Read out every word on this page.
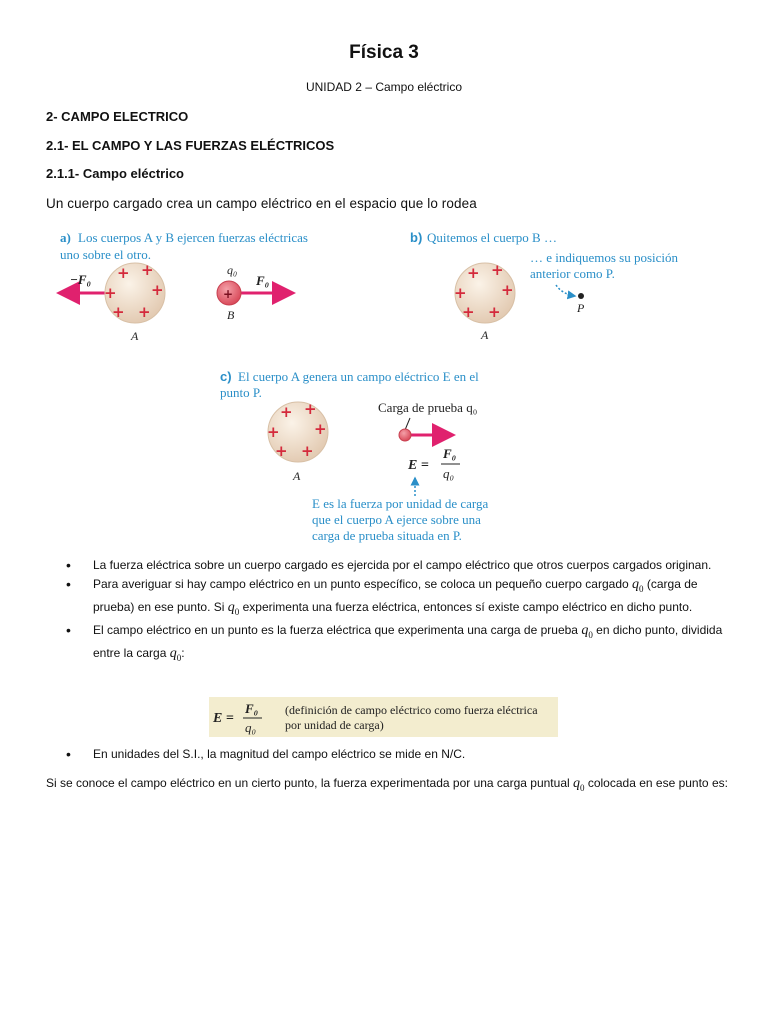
Física 3
UNIDAD 2 – Campo eléctrico
2- CAMPO ELECTRICO
2.1- EL CAMPO Y LAS FUERZAS ELÉCTRICOS
2.1.1- Campo eléctrico
Un cuerpo cargado crea un campo eléctrico en el espacio que lo rodea
a) Los cuerpos A y B ejercen fuerzas eléctricas
uno sobre el otro.
+ +
+ +
+ +
−F₀
A
+
q₀
F₀
B
b) Quitemos el cuerpo B …
… e indiquemos su posición
anterior como P.
+ +
+ +
+ +
A
P
c) El cuerpo A genera un campo eléctrico E en el
punto P.
+ +
+ +
+ +
A
Carga de prueba q₀
E =
F₀
q₀
E es la fuerza por unidad de carga
que el cuerpo A ejerce sobre una
carga de prueba situada en P.
• La fuerza eléctrica sobre un cuerpo cargado es ejercida por el campo eléctrico que otros cuerpos cargados originan.
• Para averiguar si hay campo eléctrico en un punto específico, se coloca un pequeño cuerpo cargado $q_0$ (carga de prueba) en ese punto. Si $q_0$ experimenta una fuerza eléctrica, entonces sí existe campo eléctrico en dicho punto.
• El campo eléctrico en un punto es la fuerza eléctrica que experimenta una carga de prueba $q_0$ en dicho punto, dividida entre la carga $q_0$:
E =
F₀
q₀
(definición de campo eléctrico como fuerza eléctrica
por unidad de carga)
• En unidades del S.I., la magnitud del campo eléctrico se mide en N/C.
Si se conoce el campo eléctrico en un cierto punto, la fuerza experimentada por una carga puntual $q_0$ colocada en ese punto es:
